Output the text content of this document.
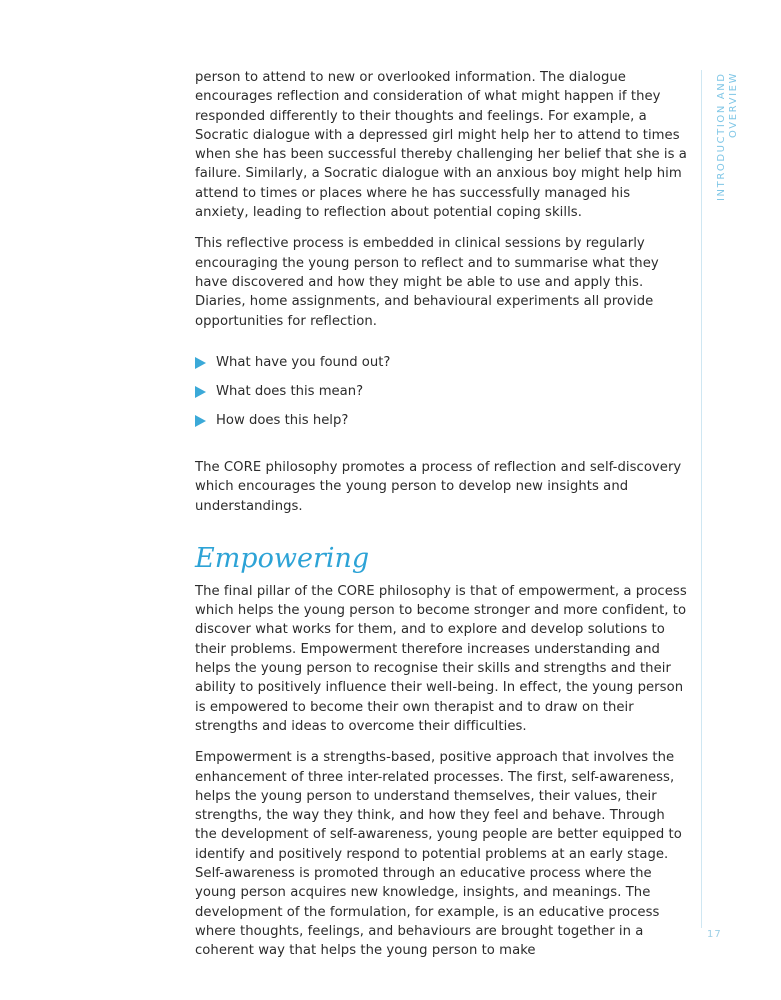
person to attend to new or overlooked information. The dialogue encourages reflection and consideration of what might happen if they responded differently to their thoughts and feelings. For example, a Socratic dialogue with a depressed girl might help her to attend to times when she has been successful thereby challenging her belief that she is a failure. Similarly, a Socratic dialogue with an anxious boy might help him attend to times or places where he has successfully managed his anxiety, leading to reflection about potential coping skills.

This reflective process is embedded in clinical sessions by regularly encouraging the young person to reflect and to summarise what they have discovered and how they might be able to use and apply this. Diaries, home assignments, and behavioural experiments all provide opportunities for reflection.

What have you found out?
What does this mean?
How does this help?

The CORE philosophy promotes a process of reflection and self-discovery which encourages the young person to develop new insights and understandings.

Empowering

The final pillar of the CORE philosophy is that of empowerment, a process which helps the young person to become stronger and more confident, to discover what works for them, and to explore and develop solutions to their problems. Empowerment therefore increases understanding and helps the young person to recognise their skills and strengths and their ability to positively influence their well-being. In effect, the young person is empowered to become their own therapist and to draw on their strengths and ideas to overcome their difficulties.

Empowerment is a strengths-based, positive approach that involves the enhancement of three inter-related processes. The first, self-awareness, helps the young person to understand themselves, their values, their strengths, the way they think, and how they feel and behave. Through the development of self-awareness, young people are better equipped to identify and positively respond to potential problems at an early stage. Self-awareness is promoted through an educative process where the young person acquires new knowledge, insights, and meanings. The development of the formulation, for example, is an educative process where thoughts, feelings, and behaviours are brought together in a coherent way that helps the young person to make

INTRODUCTION AND OVERVIEW
17
